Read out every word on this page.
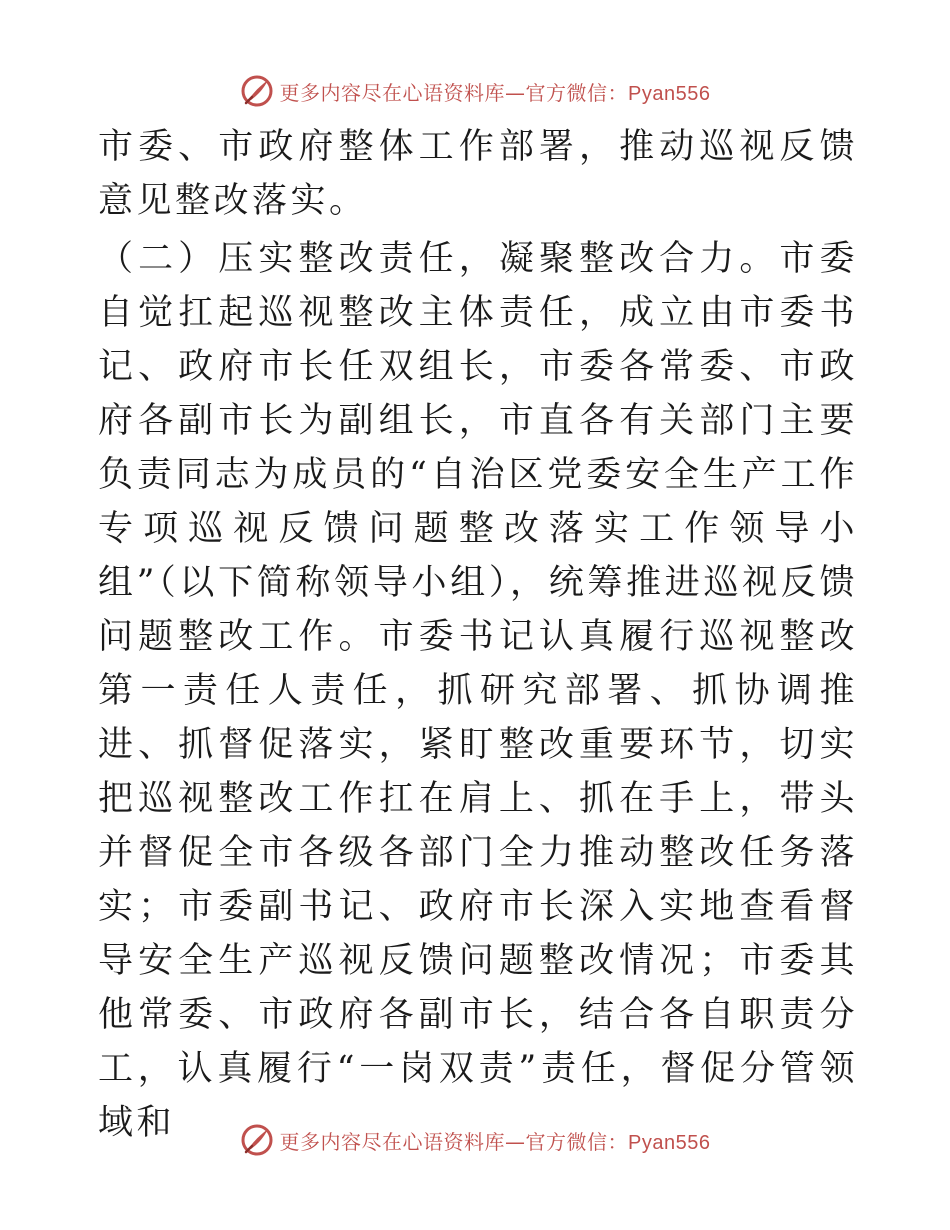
更多内容尽在心语资料库—官方微信：Pyan556

市委、市政府整体工作部署，推动巡视反馈意见整改落实。

（二）压实整改责任，凝聚整改合力。市委自觉扛起巡视整改主体责任，成立由市委书记、政府市长任双组长，市委各常委、市政府各副市长为副组长，市直各有关部门主要负责同志为成员的“自治区党委安全生产工作专项巡视反馈问题整改落实工作领导小组”（以下简称领导小组），统筹推进巡视反馈问题整改工作。市委书记认真履行巡视整改第一责任人责任，抓研究部署、抓协调推进、抓督促落实，紧盯整改重要环节，切实把巡视整改工作扛在肩上、抓在手上，带头并督促全市各级各部门全力推动整改任务落实；市委副书记、政府市长深入实地查看督导安全生产巡视反馈问题整改情况；市委其他常委、市政府各副市长，结合各自职责分工，认真履行“一岗双责”责任，督促分管领域和	更多内容尽在心语资料库—官方微信：Pyan556
